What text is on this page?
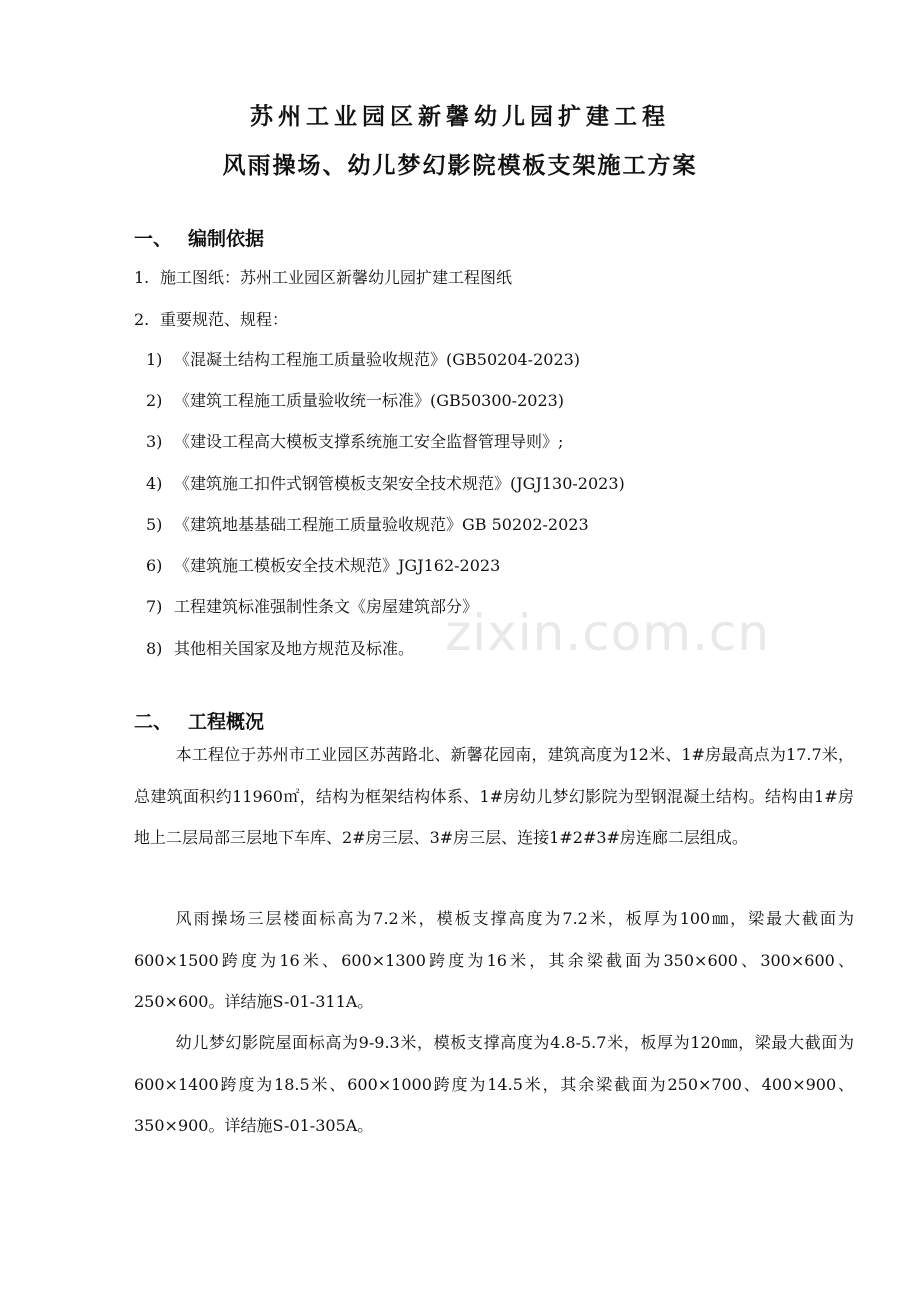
苏州工业园区新馨幼儿园扩建工程
风雨操场、幼儿梦幻影院模板支架施工方案
一、 编制依据
1. 施工图纸：苏州工业园区新馨幼儿园扩建工程图纸
2. 重要规范、规程：
1) 《混凝土结构工程施工质量验收规范》(GB50204-2023)
2) 《建筑工程施工质量验收统一标准》(GB50300-2023)
3) 《建设工程高大模板支撑系统施工安全监督管理导则》;
4) 《建筑施工扣件式钢管模板支架安全技术规范》(JGJ130-2023)
5) 《建筑地基基础工程施工质量验收规范》GB 50202-2023
6) 《建筑施工模板安全技术规范》JGJ162-2023
7) 工程建筑标准强制性条文《房屋建筑部分》
8) 其他相关国家及地方规范及标准。
二、 工程概况
本工程位于苏州市工业园区苏茜路北、新馨花园南，建筑高度为12米、1#房最高点为17.7米，总建筑面积约11960㎡，结构为框架结构体系、1#房幼儿梦幻影院为型钢混凝土结构。结构由1#房地上二层局部三层地下车库、2#房三层、3#房三层、连接1#2#3#房连廊二层组成。
风雨操场三层楼面标高为7.2米，模板支撑高度为7.2米，板厚为100㎜，梁最大截面为600×1500跨度为16米、600×1300跨度为16米，其余梁截面为350×600、300×600、250×600。详结施S-01-311A。
幼儿梦幻影院屋面标高为9-9.3米，模板支撑高度为4.8-5.7米，板厚为120㎜，梁最大截面为600×1400跨度为18.5米、600×1000跨度为14.5米，其余梁截面为250×700、400×900、350×900。详结施S-01-305A。
zixin.com.cn
